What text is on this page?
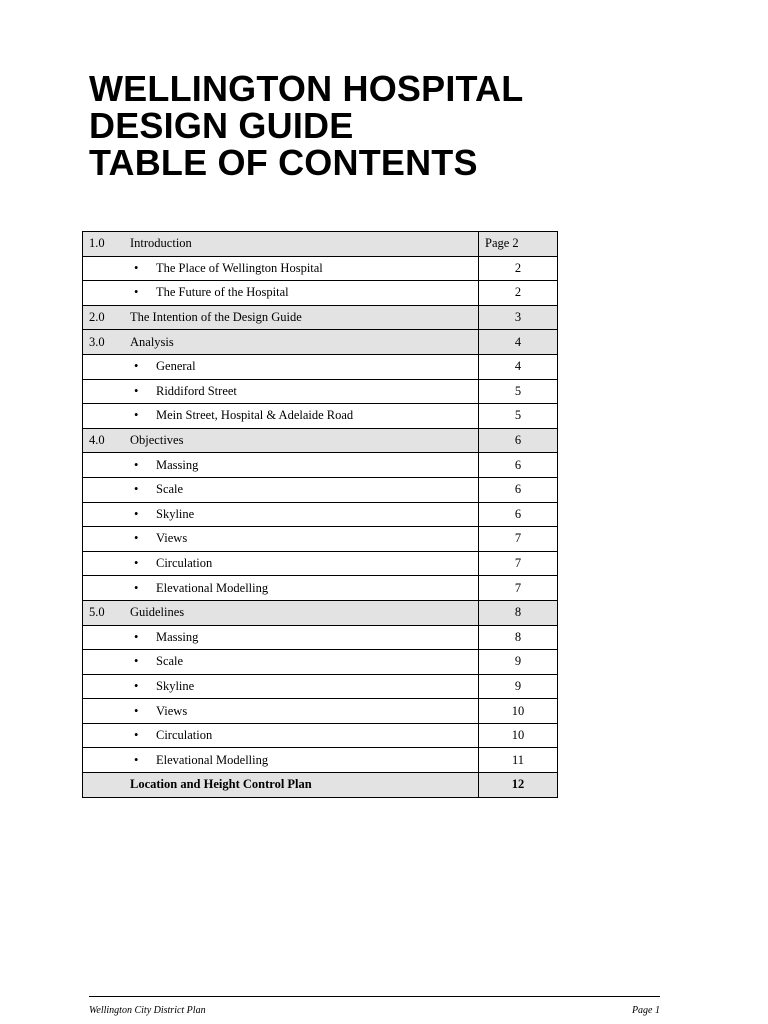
WELLINGTON HOSPITAL
DESIGN GUIDE
TABLE OF CONTENTS
1.0	Introduction	Page 2
	• The Place of Wellington Hospital	2
	• The Future of the Hospital	2
2.0	The Intention of the Design Guide	3
3.0	Analysis	4
	• General	4
	• Riddiford Street	5
	• Mein Street, Hospital & Adelaide Road	5
4.0	Objectives	6
	• Massing	6
	• Scale	6
	• Skyline	6
	• Views	7
	• Circulation	7
	• Elevational Modelling	7
5.0	Guidelines	8
	• Massing	8
	• Scale	9
	• Skyline	9
	• Views	10
	• Circulation	10
	• Elevational Modelling	11
	Location and Height Control Plan	12
Wellington City District Plan	Page 1
